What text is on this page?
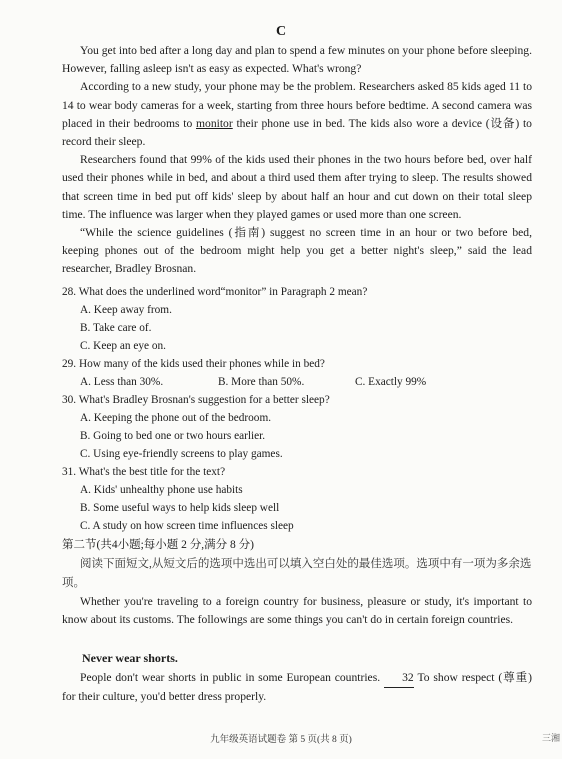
C

You get into bed after a long day and plan to spend a few minutes on your phone before sleeping. However, falling asleep isn't as easy as expected. What's wrong?

According to a new study, your phone may be the problem. Researchers asked 85 kids aged 11 to 14 to wear body cameras for a week, starting from three hours before bedtime. A second camera was placed in their bedrooms to monitor their phone use in bed. The kids also wore a device (设备) to record their sleep.

Researchers found that 99% of the kids used their phones in the two hours before bed, over half used their phones while in bed, and about a third used them after trying to sleep. The results showed that screen time in bed put off kids' sleep by about half an hour and cut down on their total sleep time. The influence was larger when they played games or used more than one screen.

“While the science guidelines (指南) suggest no screen time in an hour or two before bed, keeping phones out of the bedroom might help you get a better night's sleep,” said the lead researcher, Bradley Brosnan.

28. What does the underlined word“monitor” in Paragraph 2 mean?
A. Keep away from.
B. Take care of.
C. Keep an eye on.
29. How many of the kids used their phones while in bed?
A. Less than 30%.	B. More than 50%.	C. Exactly 99%
30. What's Bradley Brosnan's suggestion for a better sleep?
A. Keeping the phone out of the bedroom.
B. Going to bed one or two hours earlier.
C. Using eye-friendly screens to play games.
31. What's the best title for the text?
A. Kids' unhealthy phone use habits
B. Some useful ways to help kids sleep well
C. A study on how screen time influences sleep
第二节(共4小题;每小题 2 分,满分 8 分)
阅读下面短文,从短文后的选项中选出可以填入空白处的最佳选项。选项中有一项为多余选项。

Whether you're traveling to a foreign country for business, pleasure or study, it's important to know about its customs. The followings are some things you can't do in certain foreign countries.

Never wear shorts.

People don't wear shorts in public in some European countries. 32 To show respect (尊重) for their culture, you'd better dress properly.

九年级英语试题卷 第 5 页(共 8 页)	三湘
